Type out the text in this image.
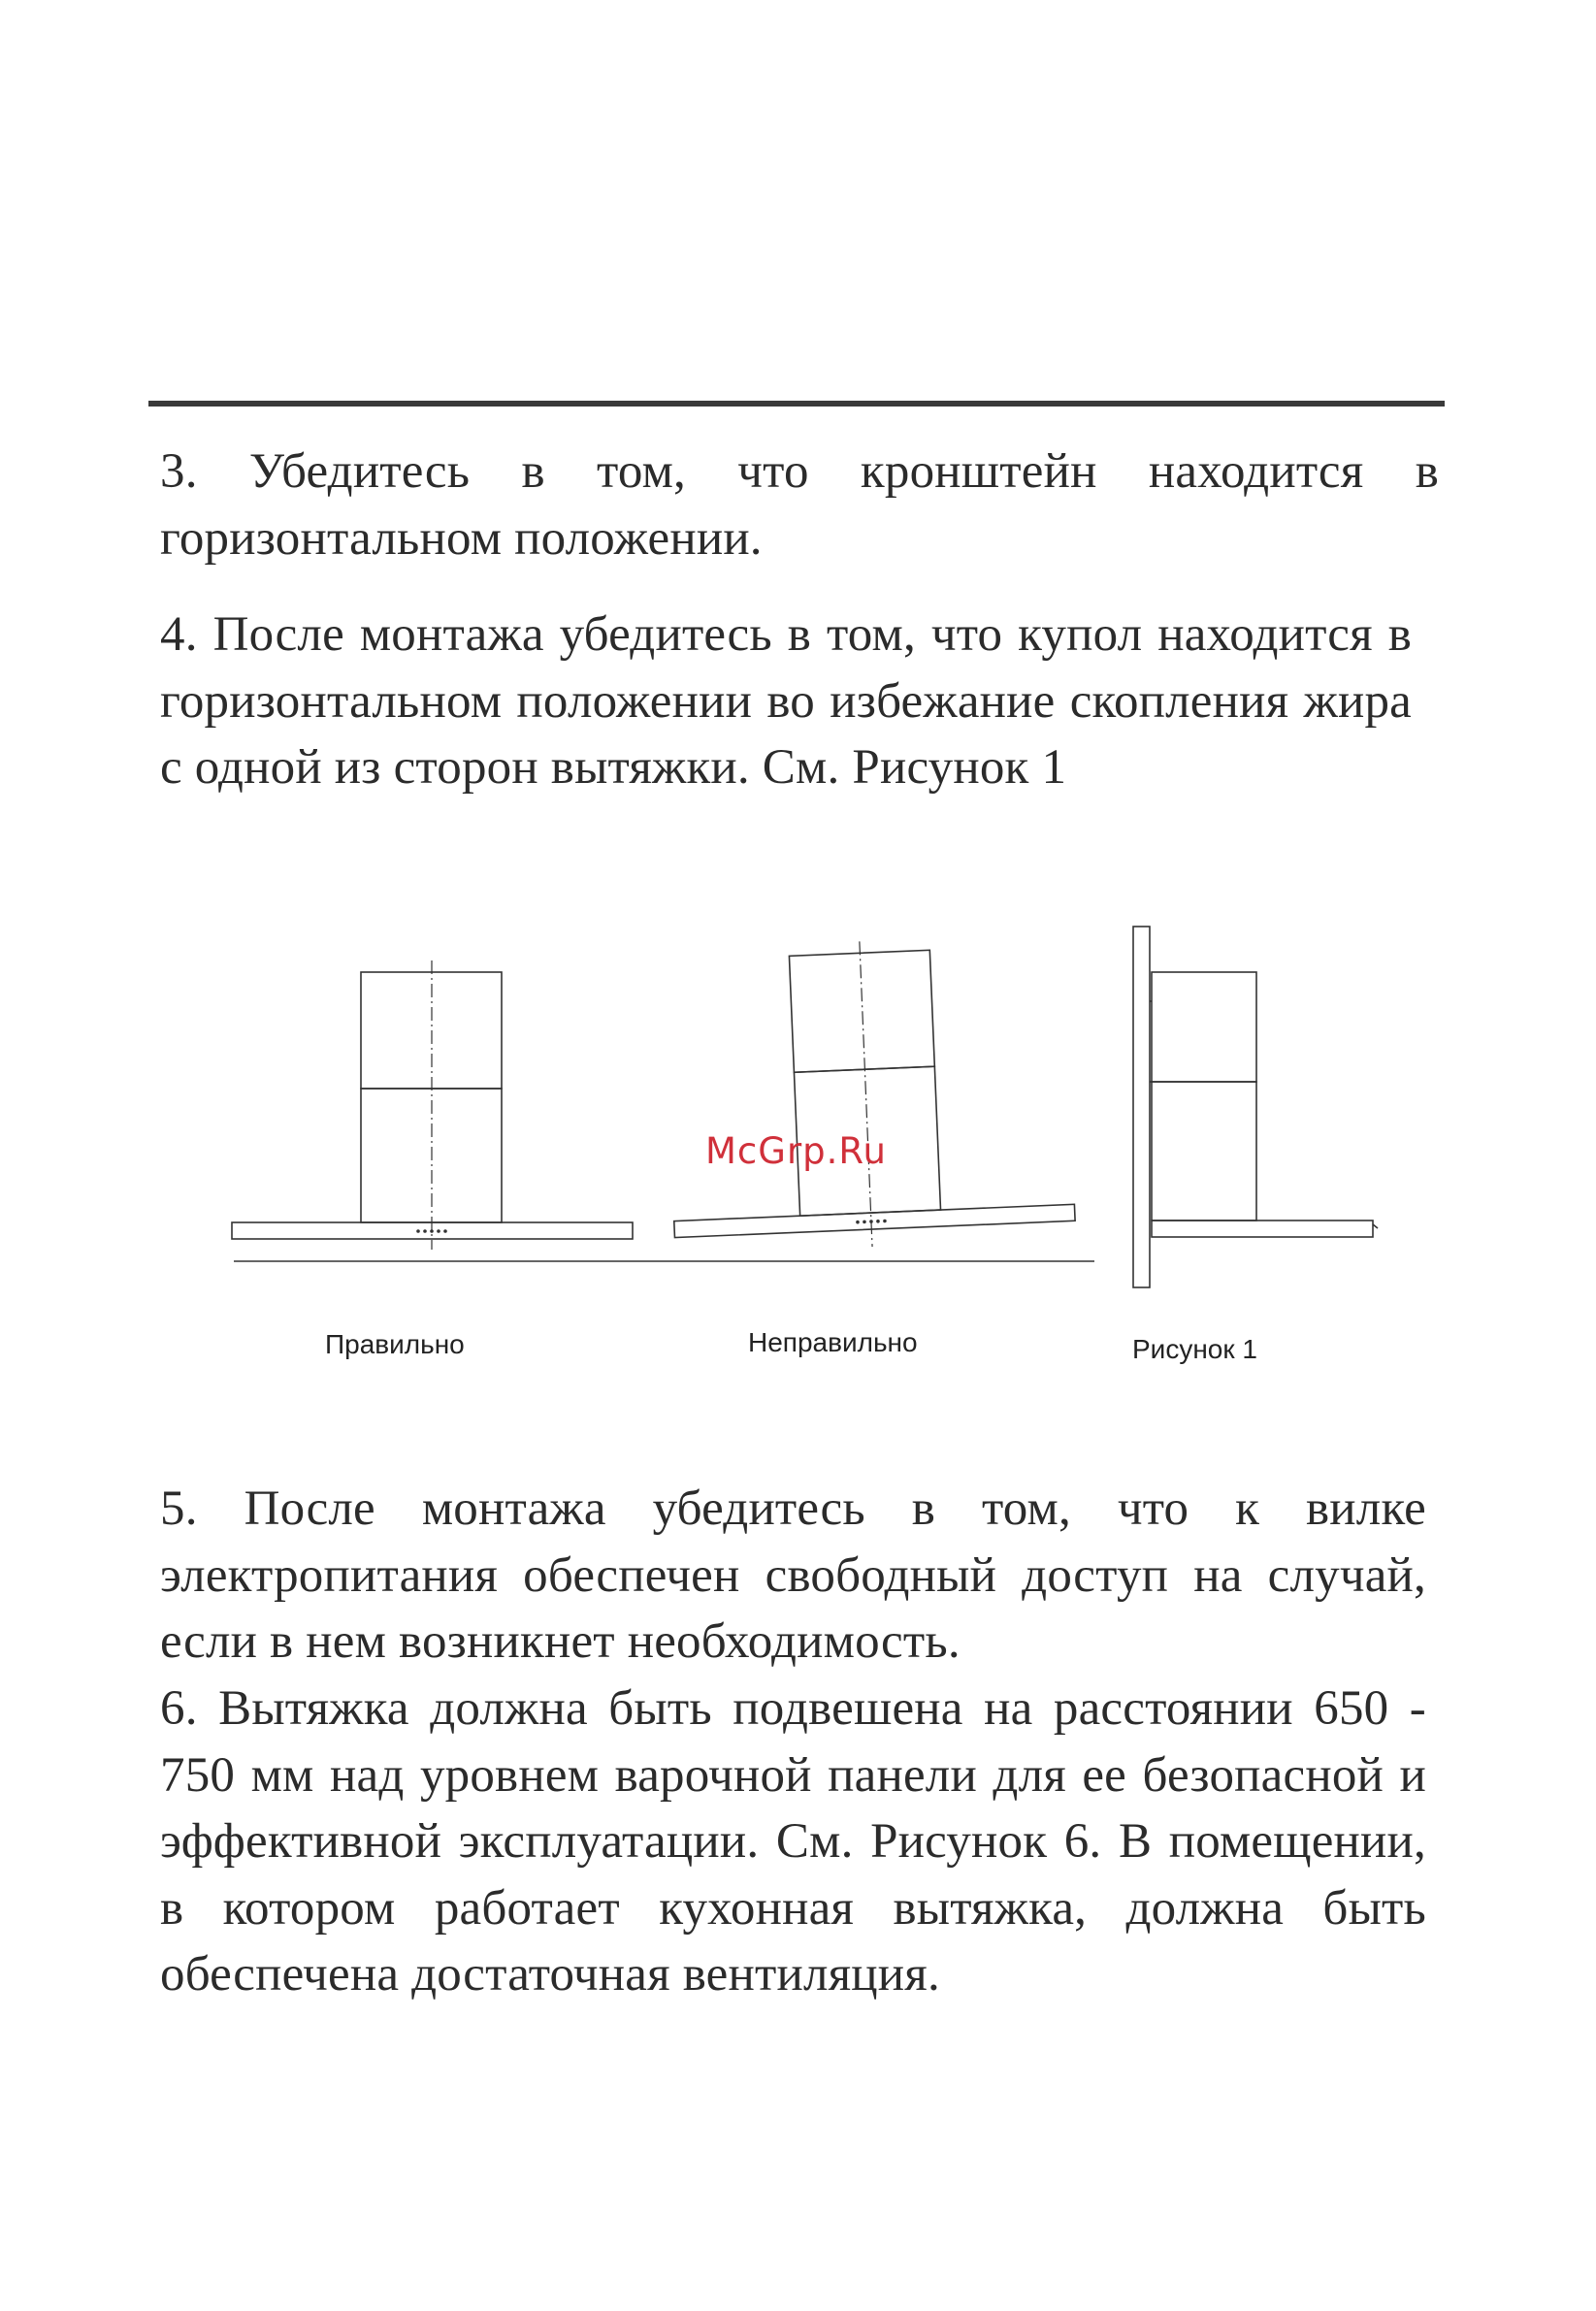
3. Убедитесь в том, что кронштейн находится в горизонтальном положении.

4. После монтажа убедитесь в том, что купол находится в горизонтальном положении во избежание скопления жира с одной из сторон вытяжки. См. Рисунок 1

McGrp.Ru
Правильно	Неправильно	Рисунок 1

5. После монтажа убедитесь в том, что к вилке электропитания обеспечен свободный доступ на случай, если в нем возникнет необходимость.

6. Вытяжка должна быть подвешена на расстоянии 650 - 750 мм над уровнем варочной панели для ее безопасной и эффективной эксплуатации. См. Рисунок 6. В помещении, в котором работает кухонная вытяжка, должна быть обеспечена достаточная вентиляция.
